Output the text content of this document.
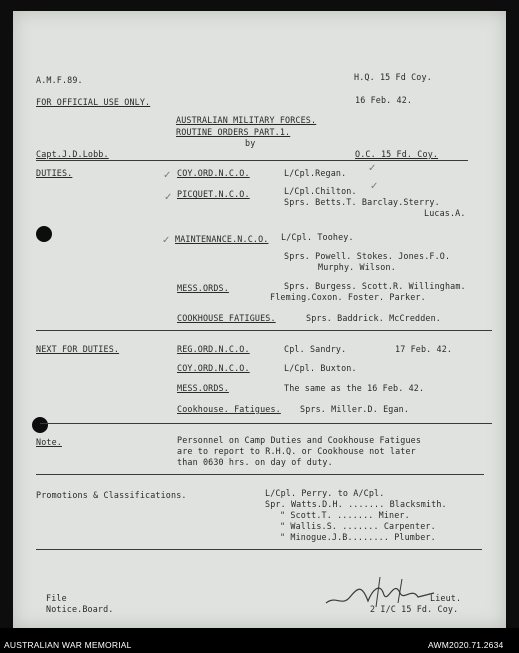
A.M.F.89.	H.Q. 15 Fd Coy.
FOR OFFICIAL USE ONLY.	16 Feb. 42.
AUSTRALIAN MILITARY FORCES.
ROUTINE ORDERS PART.1.
by
Capt.J.D.Lobb.	O.C. 15 Fd. Coy.
DUTIES.	COY.ORD.N.C.O.	L/Cpl.Regan. ✓
✓
PICQUET.N.C.O.	L/Cpl.Chilton. ✓
✓	Sprs. Betts.T. Barclay.Sterry.
Lucas.A.
MAINTENANCE.N.C.O. L/Cpl. Toohey.
✓
Sprs. Powell. Stokes. Jones.F.O.
Murphy. Wilson.
MESS.ORDS.	Sprs. Burgess. Scott.R. Willingham.
Fleming.Coxon. Foster. Parker.
COOKHOUSE FATIGUES.	Sprs. Baddrick. McCredden.
NEXT FOR DUTIES.	REG.ORD.N.C.O.	Cpl. Sandry.	17 Feb. 42.
COY.ORD.N.C.O.	L/Cpl. Buxton.
MESS.ORDS.	The same as the 16 Feb. 42.
Cookhouse. Fatigues. Sprs. Miller.D. Egan.
Note.	Personnel on Camp Duties and Cookhouse Fatigues
are to report to R.H.Q. or Cookhouse not later
than 0630 hrs. on day of duty.
Promotions & Classifications.	L/Cpl. Perry. to A/Cpl.
Spr. Watts.D.H. ....... Blacksmith.
" Scott.T. ....... Miner.
" Wallis.S. ....... Carpenter.
" Minogue.J.B........ Plumber.
File
Notice.Board.
Lieut.
2 I/C 15 Fd. Coy.
AUSTRALIAN WAR MEMORIAL	AWM2020.71.2634
